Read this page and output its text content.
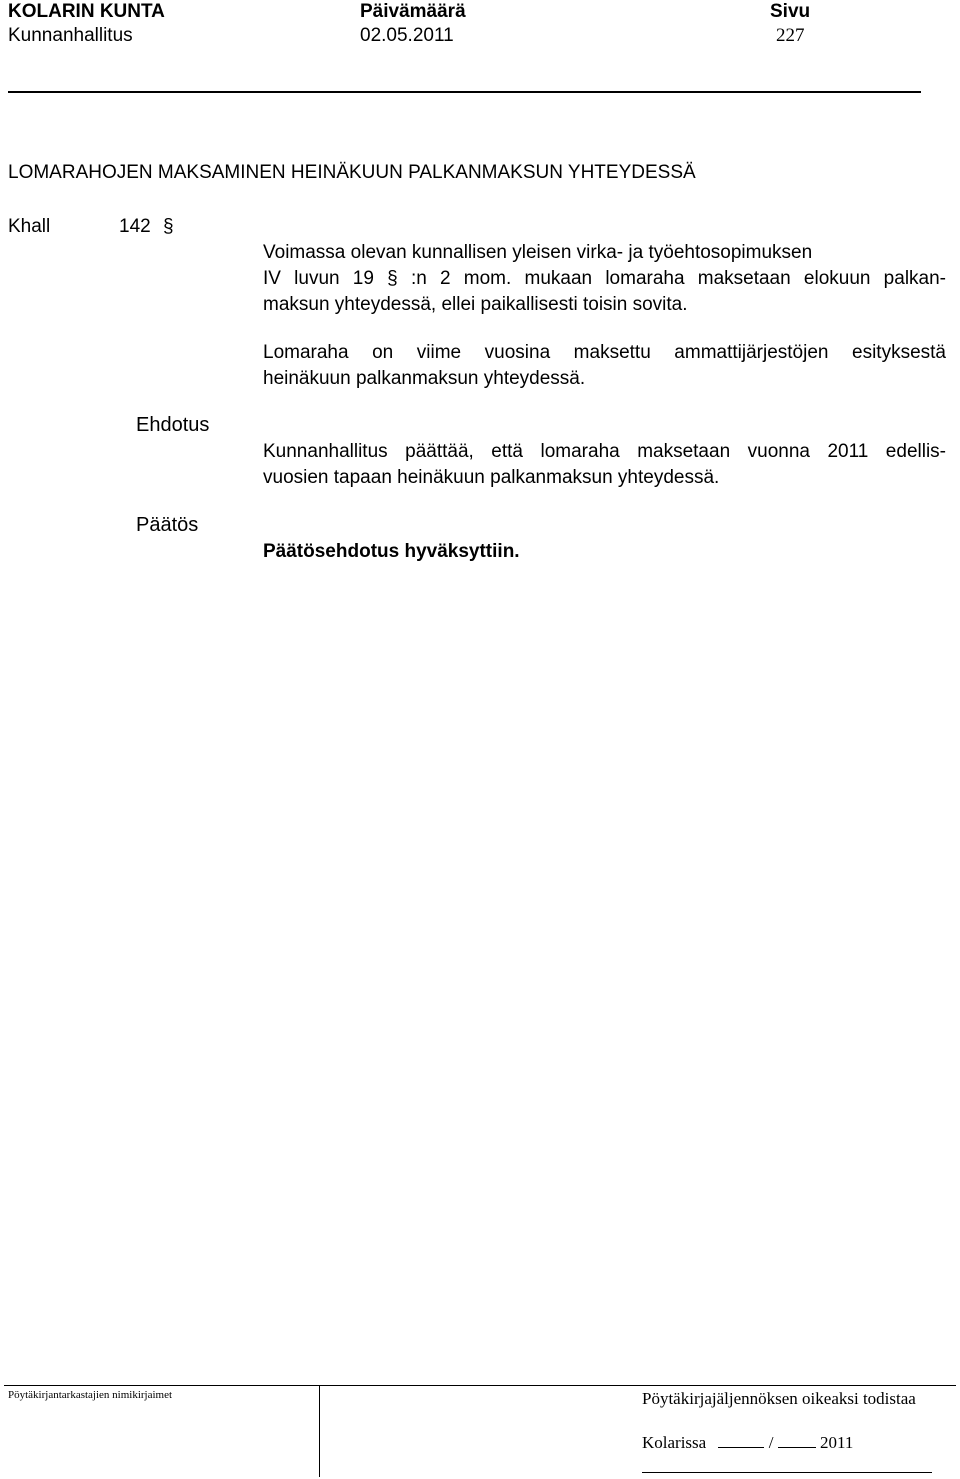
KOLARIN KUNTA
Kunnanhallitus
Päivämäärä
02.05.2011
Sivu
227
LOMARAHOJEN MAKSAMINEN HEINÄKUUN PALKANMAKSUN YHTEYDESSÄ
Khall	142 §
Voimassa olevan kunnallisen yleisen virka- ja työehtosopimuksen
IV luvun 19 § :n 2 mom. mukaan lomaraha maksetaan elokuun palkan-
maksun yhteydessä, ellei paikallisesti toisin sovita.
Lomaraha on viime vuosina maksettu ammattijärjestöjen esityksestä
heinäkuun palkanmaksun yhteydessä.
Ehdotus
Kunnanhallitus päättää, että lomaraha maksetaan vuonna 2011 edellis-
vuosien tapaan heinäkuun palkanmaksun yhteydessä.
Päätös
Päätösehdotus hyväksyttiin.
Pöytäkirjantarkastajien nimikirjaimet	Pöytäkirjajäljennöksen oikeaksi todistaa
Kolarissa	/	2011
